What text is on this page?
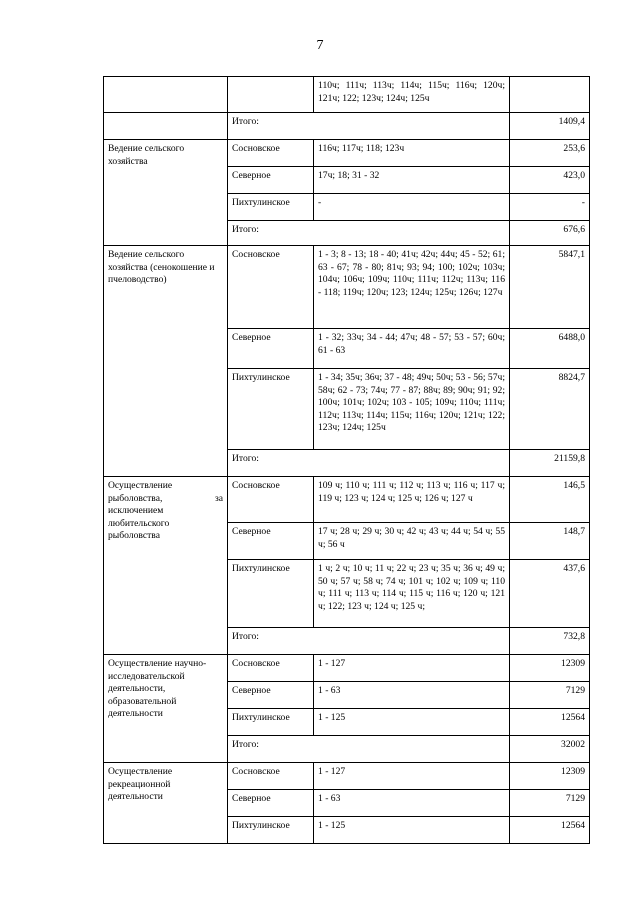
7
		110ч; 111ч; 113ч; 114ч; 115ч; 116ч; 120ч; 121ч; 122; 123ч; 124ч; 125ч	
	Итого:		1409,4
Ведение сельского хозяйства	Сосновское	116ч; 117ч; 118; 123ч	253,6
	Северное	17ч; 18; 31 - 32	423,0
	Пихтулинское	-	-
	Итого:		676,6
Ведение сельского хозяйства (сенокошение и пчеловодство)	Сосновское	1 - 3; 8 - 13; 18 - 40; 41ч; 42ч; 44ч; 45 - 52; 61; 63 - 67; 78 - 80; 81ч; 93; 94; 100; 102ч; 103ч; 104ч; 106ч; 109ч; 110ч; 111ч; 112ч; 113ч; 116 - 118; 119ч; 120ч; 123; 124ч; 125ч; 126ч; 127ч	5847,1
	Северное	1 - 32; 33ч; 34 - 44; 47ч; 48 - 57; 53 - 57; 60ч; 61 - 63	6488,0
	Пихтулинское	1 - 34; 35ч; 36ч; 37 - 48; 49ч; 50ч; 53 - 56; 57ч; 58ч; 62 - 73; 74ч; 77 - 87; 88ч; 89; 90ч; 91; 92; 100ч; 101ч; 102ч; 103 - 105; 109ч; 110ч; 111ч; 112ч; 113ч; 114ч; 115ч; 116ч; 120ч; 121ч; 122; 123ч; 124ч; 125ч	8824,7
	Итого:		21159,8
Осуществление рыболовства, за исключением любительского рыболовства	Сосновское	109 ч; 110 ч; 111 ч; 112 ч; 113 ч; 116 ч; 117 ч; 119 ч; 123 ч; 124 ч; 125 ч; 126 ч; 127 ч	146,5
	Северное	17 ч; 28 ч; 29 ч; 30 ч; 42 ч; 43 ч; 44 ч; 54 ч; 55 ч; 56 ч	148,7
	Пихтулинское	1 ч; 2 ч; 10 ч; 11 ч; 22 ч; 23 ч; 35 ч; 36 ч; 49 ч; 50 ч; 57 ч; 58 ч; 74 ч; 101 ч; 102 ч; 109 ч; 110 ч; 111 ч; 113 ч; 114 ч; 115 ч; 116 ч; 120 ч; 121 ч; 122; 123 ч; 124 ч; 125 ч;	437,6
	Итого:		732,8
Осуществление научно-исследовательской деятельности, образовательной деятельности	Сосновское	1 - 127	12309
	Северное	1 - 63	7129
	Пихтулинское	1 - 125	12564
	Итого:		32002
Осуществление рекреационной деятельности	Сосновское	1 - 127	12309
	Северное	1 - 63	7129
	Пихтулинское	1 - 125	12564
